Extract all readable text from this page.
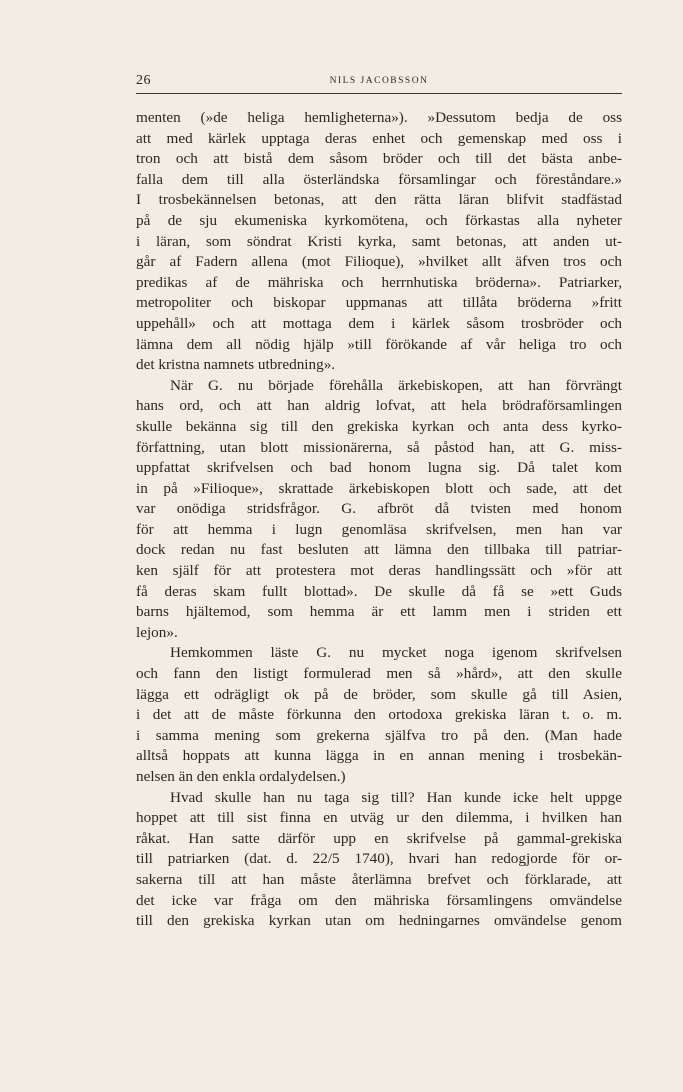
26	NILS JACOBSSON
menten (»de heliga hemligheterna»). »Dessutom bedja de oss
att med kärlek upptaga deras enhet och gemenskap med oss i
tron och att bistå dem såsom bröder och till det bästa anbe-
falla dem till alla österländska församlingar och föreståndare.»
I trosbekännelsen betonas, att den rätta läran blifvit stadfästad
på de sju ekumeniska kyrkomötena, och förkastas alla nyheter
i läran, som söndrat Kristi kyrka, samt betonas, att anden ut-
går af Fadern allena (mot Filioque), »hvilket allt äfven tros och
predikas af de mähriska och herrnhutiska bröderna». Patriarker,
metropoliter och biskopar uppmanas att tillåta bröderna »fritt
uppehåll» och att mottaga dem i kärlek såsom trosbröder och
lämna dem all nödig hjälp »till förökande af vår heliga tro och
det kristna namnets utbredning».
När G. nu började förehålla ärkebiskopen, att han förvrängt
hans ord, och att han aldrig lofvat, att hela brödraförsamlingen
skulle bekänna sig till den grekiska kyrkan och anta dess kyrko-
författning, utan blott missionärerna, så påstod han, att G. miss-
uppfattat skrifvelsen och bad honom lugna sig. Då talet kom
in på »Filioque», skrattade ärkebiskopen blott och sade, att det
var onödiga stridsfrågor. G. afbröt då tvisten med honom
för att hemma i lugn genomläsa skrifvelsen, men han var
dock redan nu fast besluten att lämna den tillbaka till patriar-
ken själf för att protestera mot deras handlingssätt och »för att
få deras skam fullt blottad». De skulle då få se »ett Guds
barns hjältemod, som hemma är ett lamm men i striden ett
lejon».
Hemkommen läste G. nu mycket noga igenom skrifvelsen
och fann den listigt formulerad men så »hård», att den skulle
lägga ett odrägligt ok på de bröder, som skulle gå till Asien,
i det att de måste förkunna den ortodoxa grekiska läran t. o. m.
i samma mening som grekerna själfva tro på den. (Man hade
alltså hoppats att kunna lägga in en annan mening i trosbekän-
nelsen än den enkla ordalydelsen.)
Hvad skulle han nu taga sig till? Han kunde icke helt uppge
hoppet att till sist finna en utväg ur den dilemma, i hvilken han
råkat. Han satte därför upp en skrifvelse på gammal-grekiska
till patriarken (dat. d. 22/5 1740), hvari han redogjorde för or-
sakerna till att han måste återlämna brefvet och förklarade, att
det icke var fråga om den mähriska församlingens omvändelse
till den grekiska kyrkan utan om hedningarnes omvändelse genom
